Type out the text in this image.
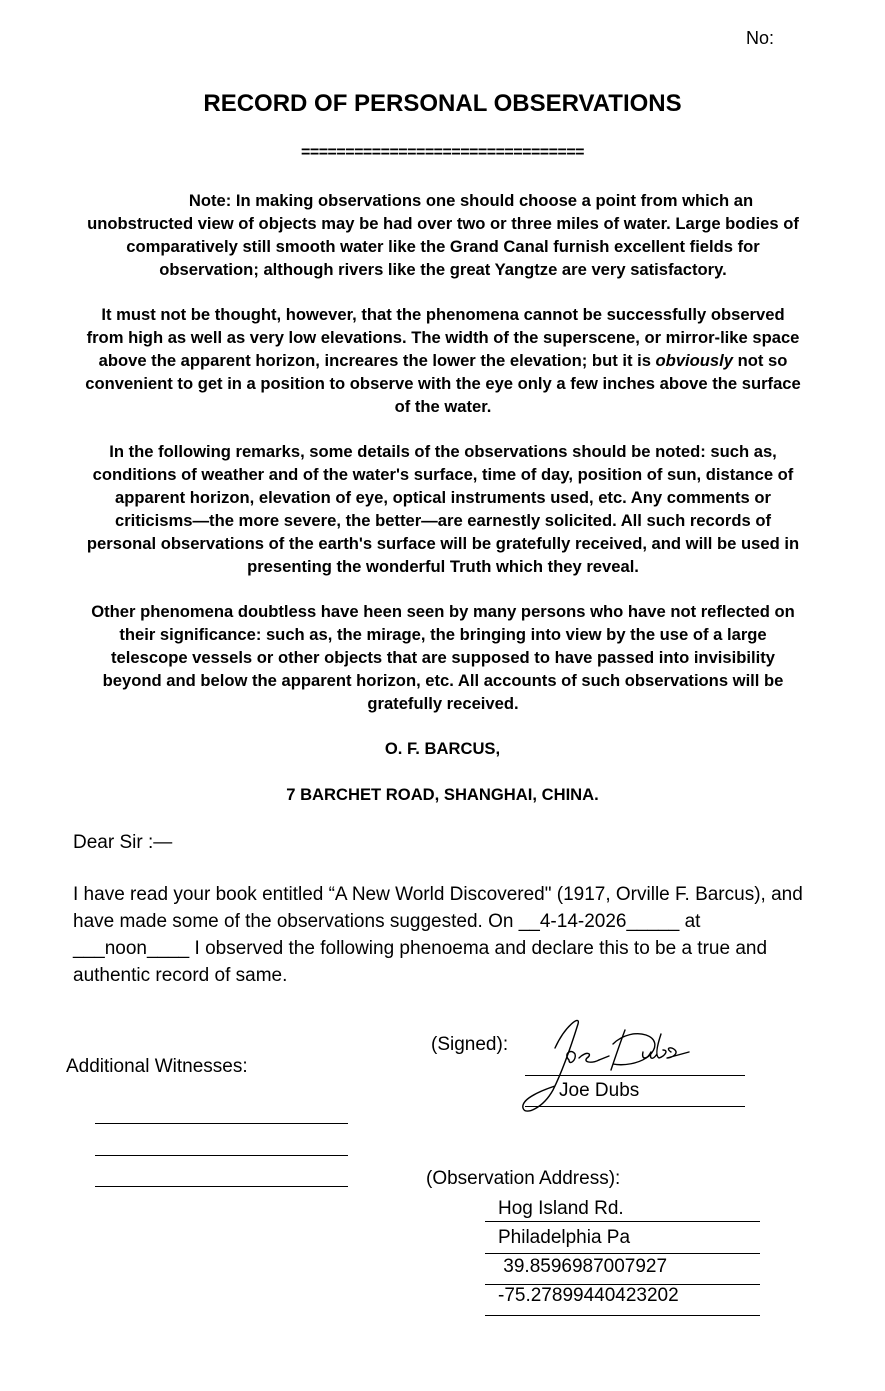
No:
RECORD OF PERSONAL OBSERVATIONS
================================

Note: In making observations one should choose a point from which an unobstructed view of objects may be had over two or three miles of water. Large bodies of comparatively still smooth water like the Grand Canal furnish excellent fields for observation; although rivers like the great Yangtze are very satisfactory.

It must not be thought, however, that the phenomena cannot be successfully observed from high as well as very low elevations. The width of the superscene, or mirror-like space above the apparent horizon, increares the lower the elevation; but it is obviously not so convenient to get in a position to observe with the eye only a few inches above the surface of the water.

In the following remarks, some details of the observations should be noted: such as, conditions of weather and of the water's surface, time of day, position of sun, distance of apparent horizon, elevation of eye, optical instruments used, etc. Any comments or criticisms—the more severe, the better—are earnestly solicited. All such records of personal observations of the earth's surface will be gratefully received, and will be used in presenting the wonderful Truth which they reveal.

Other phenomena doubtless have heen seen by many persons who have not reflected on their significance: such as, the mirage, the bringing into view by the use of a large telescope vessels or other objects that are supposed to have passed into invisibility beyond and below the apparent horizon, etc. All accounts of such observations will be gratefully received.

O. F. BARCUS,
7 BARCHET ROAD, SHANGHAI, CHINA.

Dear Sir :—

I have read your book entitled “A New World Discovered" (1917, Orville F. Barcus), and have made some of the observations suggested. On __4-14-2026_____ at ___noon____ I observed the following phenoema and declare this to be a true and authentic record of same.

Additional Witnesses:
(Signed):
Joe Dubs
(Observation Address):
Hog Island Rd.
Philadelphia Pa
39.8596987007927
-75.27899440423202
